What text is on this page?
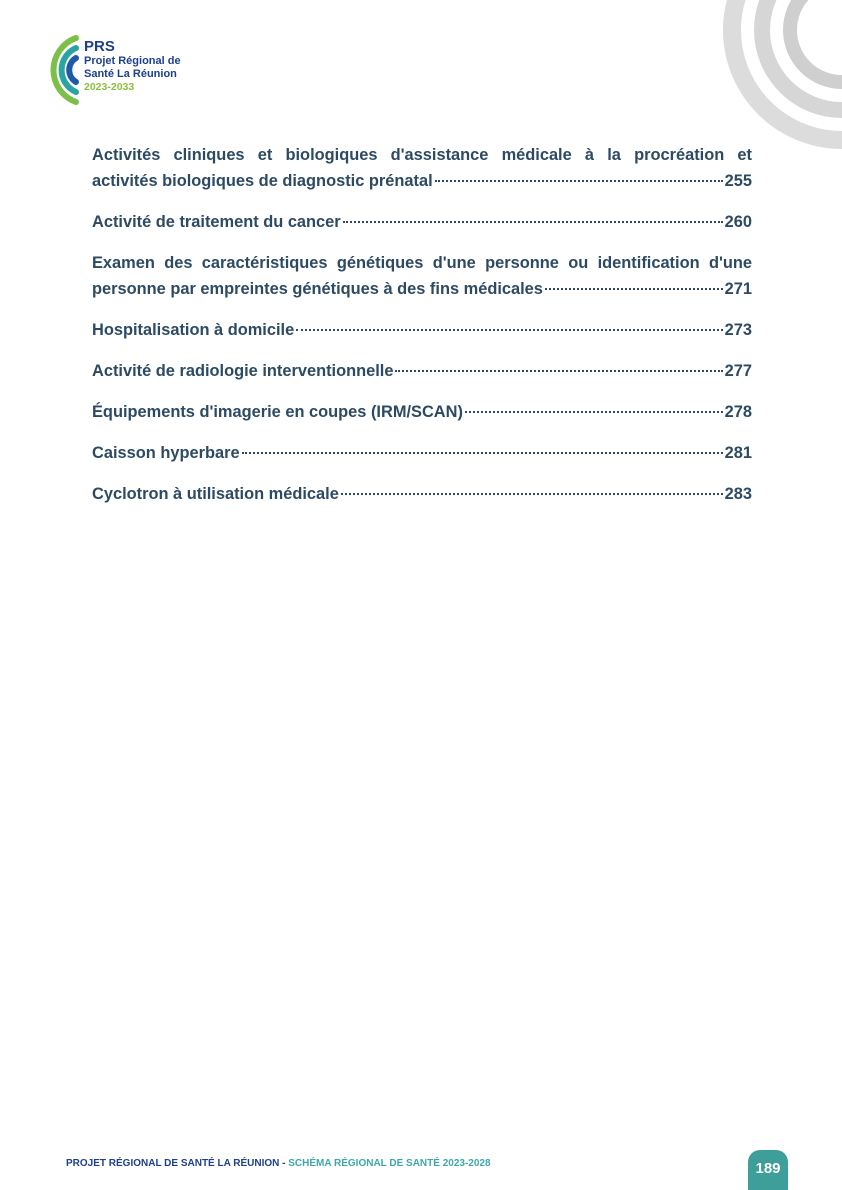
PRS
Projet Régional de
Santé La Réunion
2023-2033
Activités cliniques et biologiques d'assistance médicale à la procréation et
activités biologiques de diagnostic prénatal	255
Activité de traitement du cancer	260
Examen des caractéristiques génétiques d'une personne ou identification d'une
personne par empreintes génétiques à des fins médicales	271
Hospitalisation à domicile	273
Activité de radiologie interventionnelle	277
Équipements d'imagerie en coupes (IRM/SCAN)	278
Caisson hyperbare	281
Cyclotron à utilisation médicale	283
PROJET RÉGIONAL DE SANTÉ LA RÉUNION - SCHÉMA RÉGIONAL DE SANTÉ 2023-2028	189
